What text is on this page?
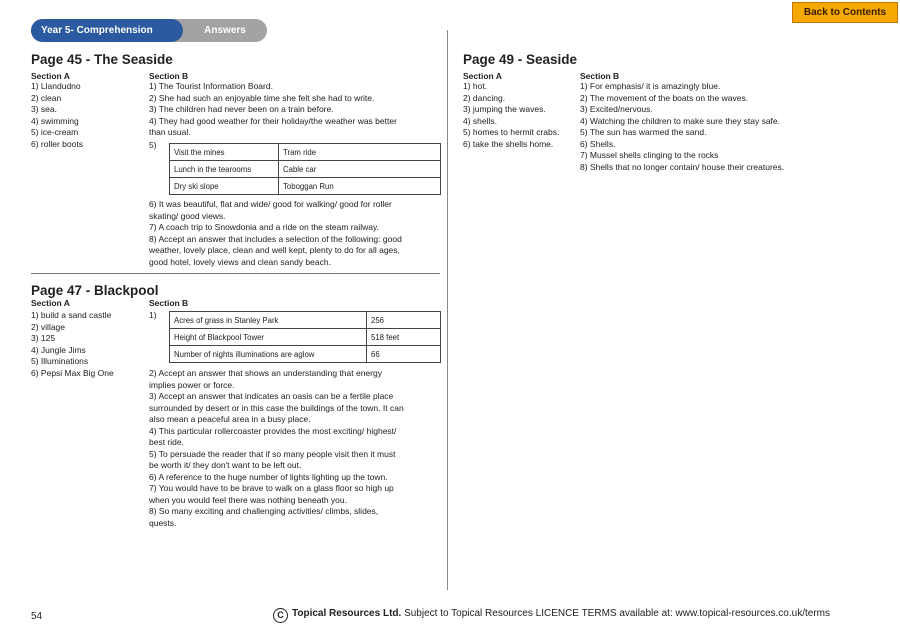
Year 5- Comprehension	Answers
Back to Contents
Page 45 - The Seaside
Section A
1) Llandudno
2) clean
3) sea.
4) swimming
5) ice-cream
6) roller boots
Section B
1) The Tourist Information Board.
2) She had such an enjoyable time she felt she had to write.
3) The children had never been on a train before.
4) They had good weather for their holiday/the weather was better
than usual.
5)
Visit the mines	Tram ride
Lunch in the tearooms	Cable car
Dry ski slope	Toboggan Run
6) It was beautiful, flat and wide/ good for walking/ good for roller
skating/ good views.
7) A coach trip to Snowdonia and a ride on the steam railway.
8) Accept an answer that includes a selection of the following: good
weather, lovely place, clean and well kept, plenty to do for all ages,
good hotel, lovely views and clean sandy beach.
Page 47 - Blackpool
Section A
1) build a sand castle
2) village
3) 125
4) Jungle Jims
5) Illuminations
6) Pepsi Max Big One
Section B
1) Acres of grass in Stanley Park	256
Height of Blackpool Tower	518 feet
Number of nights illuminations are aglow	66
2) Accept an answer that shows an understanding that energy
implies power or force.
3) Accept an answer that indicates an oasis can be a fertile place
surrounded by desert or in this case the buildings of the town. It can
also mean a peaceful area in a busy place.
4) This particular rollercoaster provides the most exciting/ highest/
best ride.
5) To persuade the reader that if so many people visit then it must
be worth it/ they don't want to be left out.
6) A reference to the huge number of lights lighting up the town.
7) You would have to be brave to walk on a glass floor so high up
when you would feel there was nothing beneath you.
8) So many exciting and challenging activities/ climbs, slides,
quests.
Page 49 - Seaside
Section A
1) hot.
2) dancing.
3) jumping the waves.
4) shells.
5) homes to hermit crabs.
6) take the shells home.
Section B
1) For emphasis/ it is amazingly blue.
2) The movement of the boats on the waves.
3) Excited/nervous.
4) Watching the children to make sure they stay safe.
5) The sun has warmed the sand.
6) Shells.
7) Mussel shells clinging to the rocks
8) Shells that no longer contain/ house their creatures.
54	C Topical Resources Ltd. Subject to Topical Resources LICENCE TERMS available at: www.topical-resources.co.uk/terms
